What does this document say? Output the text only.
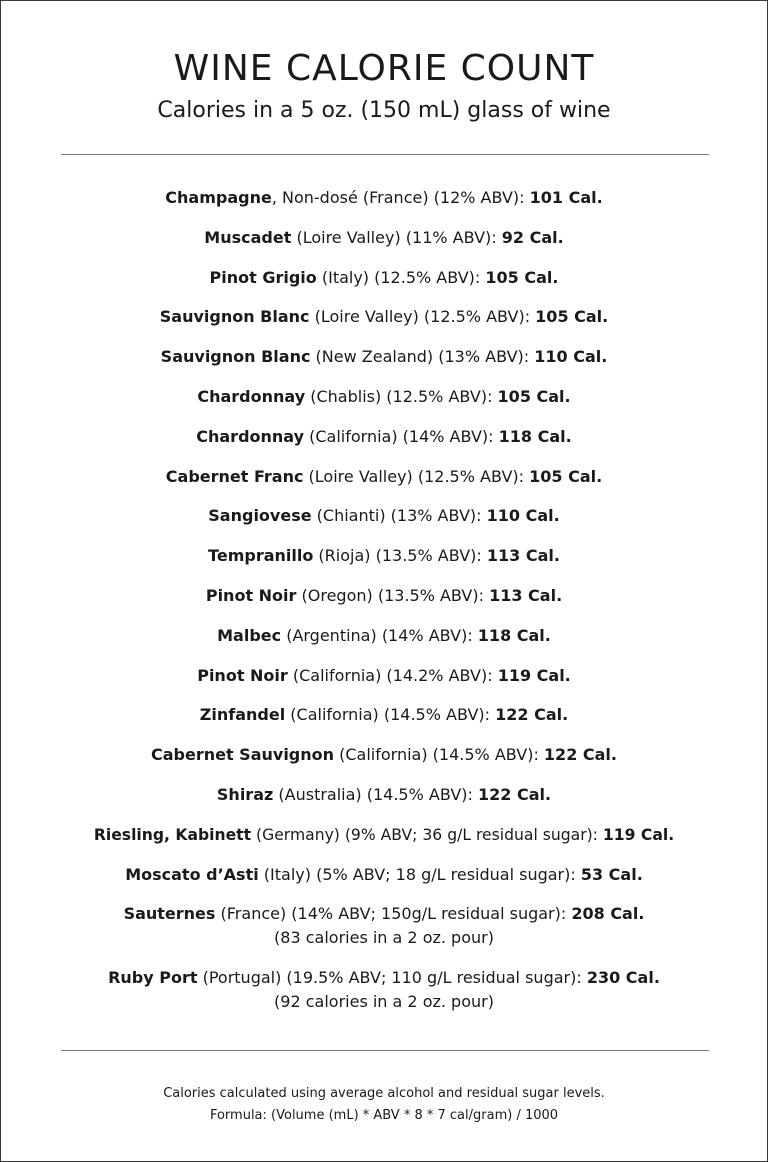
WINE CALORIE COUNT

Calories in a 5 oz. (150 mL) glass of wine

Champagne, Non-dosé (France) (12% ABV): 101 Cal.
Muscadet (Loire Valley) (11% ABV): 92 Cal.
Pinot Grigio (Italy) (12.5% ABV): 105 Cal.
Sauvignon Blanc (Loire Valley) (12.5% ABV): 105 Cal.
Sauvignon Blanc (New Zealand) (13% ABV): 110 Cal.
Chardonnay (Chablis) (12.5% ABV): 105 Cal.
Chardonnay (California) (14% ABV): 118 Cal.
Cabernet Franc (Loire Valley) (12.5% ABV): 105 Cal.
Sangiovese (Chianti) (13% ABV): 110 Cal.
Tempranillo (Rioja) (13.5% ABV): 113 Cal.
Pinot Noir (Oregon) (13.5% ABV): 113 Cal.
Malbec (Argentina) (14% ABV): 118 Cal.
Pinot Noir (California) (14.2% ABV): 119 Cal.
Zinfandel (California) (14.5% ABV): 122 Cal.
Cabernet Sauvignon (California) (14.5% ABV): 122 Cal.
Shiraz (Australia) (14.5% ABV): 122 Cal.
Riesling, Kabinett (Germany) (9% ABV; 36 g/L residual sugar): 119 Cal.
Moscato d’Asti (Italy) (5% ABV; 18 g/L residual sugar): 53 Cal.
Sauternes (France) (14% ABV; 150g/L residual sugar): 208 Cal.
(83 calories in a 2 oz. pour)
Ruby Port (Portugal) (19.5% ABV; 110 g/L residual sugar): 230 Cal.
(92 calories in a 2 oz. pour)
Calories calculated using average alcohol and residual sugar levels.
Formula: (Volume (mL) * ABV * 8 * 7 cal/gram) / 1000
